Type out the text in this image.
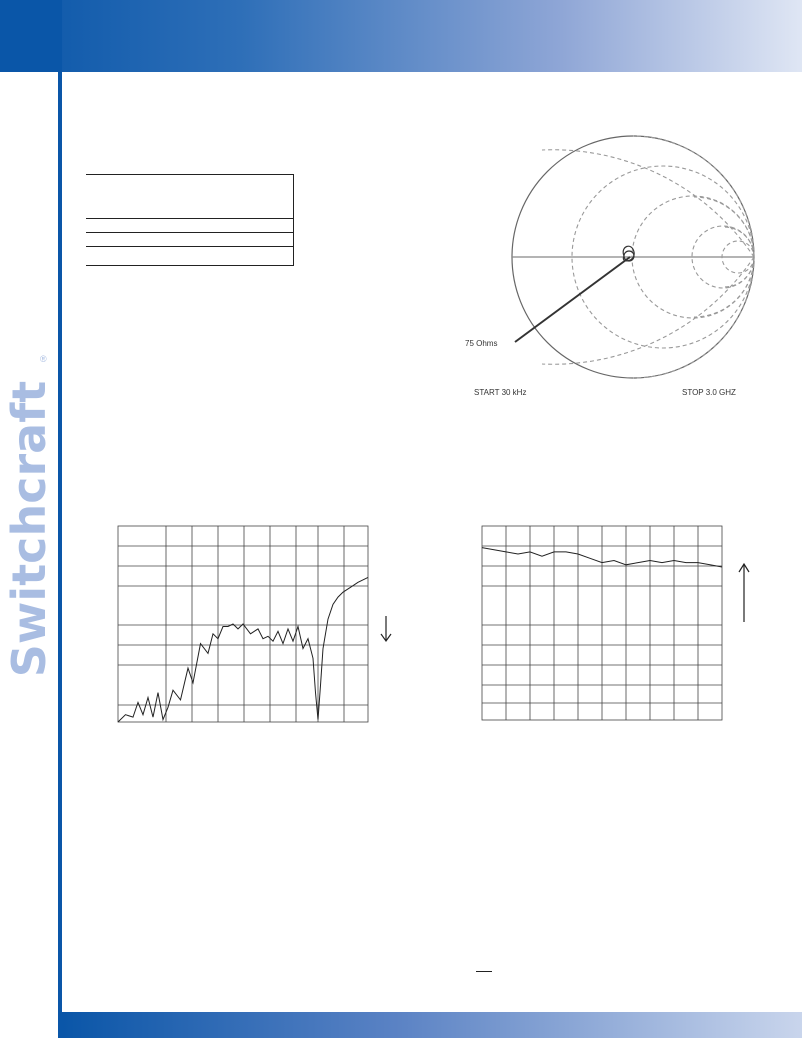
Switchcraft
®
75 Ohms
START 30 kHz	STOP 3.0 GHZ
